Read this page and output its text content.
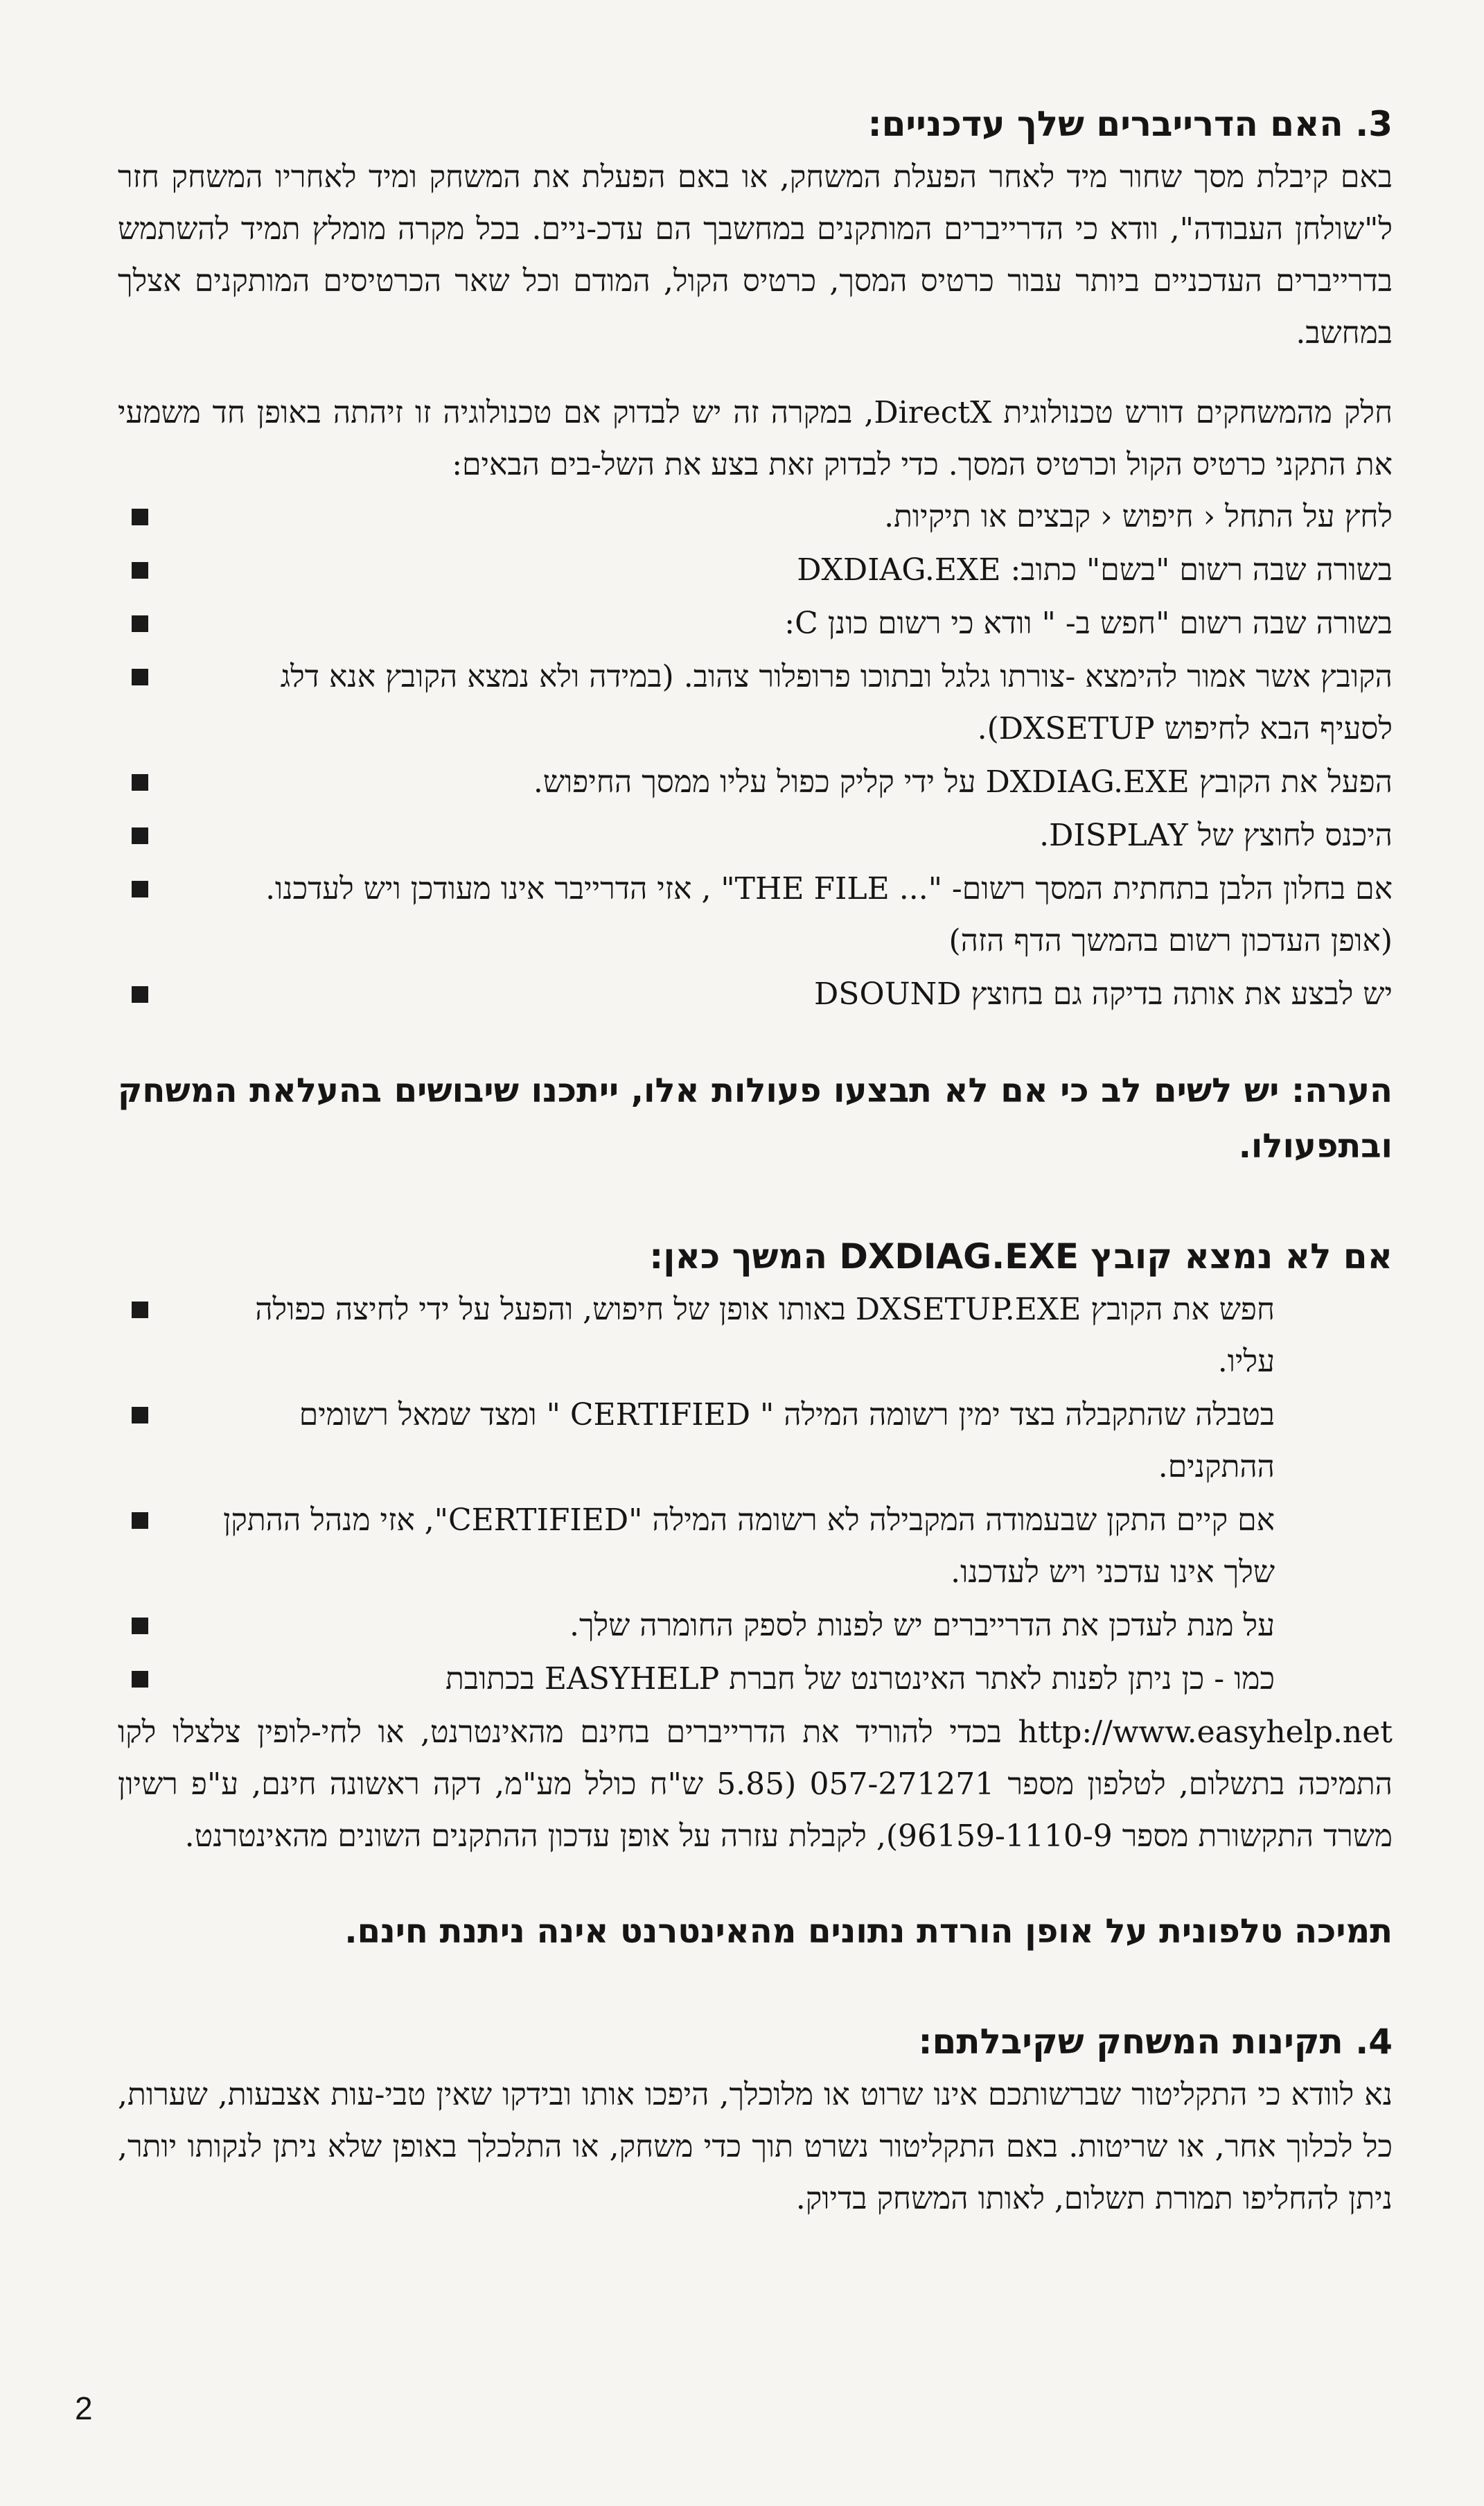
3. האם הדרייברים שלך עדכניים:

באם קיבלת מסך שחור מיד לאחר הפעלת המשחק, או באם הפעלת את המשחק ומיד לאחריו המשחק חזר ל"שולחן העבודה", וודא כי הדרייברים המותקנים במחשבך הם עדכ-ניים. בכל מקרה מומלץ תמיד להשתמש בדרייברים העדכניים ביותר עבור כרטיס המסך, כרטיס הקול, המודם וכל שאר הכרטיסים המותקנים אצלך במחשב.

חלק מהמשחקים דורש טכנולוגית DirectX, במקרה זה יש לבדוק אם טכנולוגיה זו זיהתה באופן חד משמעי את התקני כרטיס הקול וכרטיס המסך. כדי לבדוק זאת בצע את השל-בים הבאים:

לחץ על התחל ‹ חיפוש ‹ קבצים או תיקיות.
בשורה שבה רשום "בשם" כתוב: DXDIAG.EXE
בשורה שבה רשום "חפש ב- " וודא כי רשום כונן C:
הקובץ אשר אמור להימצא -צורתו גלגל ובתוכו פרופלור צהוב. (במידה ולא נמצא הקובץ אנא דלג לסעיף הבא לחיפוש DXSETUP).
הפעל את הקובץ DXDIAG.EXE על ידי קליק כפול עליו ממסך החיפוש.
היכנס לחוצץ של DISPLAY.
אם בחלון הלבן בתחתית המסך רשום- "... THE FILE" , אזי הדרייבר אינו מעודכן ויש לעדכנו. (אופן העדכון רשום בהמשך הדף הזה)
יש לבצע את אותה בדיקה גם בחוצץ DSOUND

הערה: יש לשים לב כי אם לא תבצעו פעולות אלו, ייתכנו שיבושים בהעלאת המשחק ובתפעולו.

אם לא נמצא קובץ DXDIAG.EXE המשך כאן:
חפש את הקובץ DXSETUP.EXE באותו אופן של חיפוש, והפעל על ידי לחיצה כפולה עליו.
בטבלה שהתקבלה בצד ימין רשומה המילה " CERTIFIED " ומצד שמאל רשומים ההתקנים.
אם קיים התקן שבעמודה המקבילה לא רשומה המילה "CERTIFIED", אזי מנהל ההתקן שלך אינו עדכני ויש לעדכנו.
על מנת לעדכן את הדרייברים יש לפנות לספק החומרה שלך.
כמו - כן ניתן לפנות לאתר האינטרנט של חברת EASYHELP בכתובת

http://www.easyhelp.net בכדי להוריד את הדרייברים בחינם מהאינטרנט, או לחי-לופין צלצלו לקו התמיכה בתשלום, לטלפון מספר 057-271271 (5.85 ש"ח כולל מע"מ, דקה ראשונה חינם, ע"פ רשיון משרד התקשורת מספר 96159-1110-9), לקבלת עזרה על אופן עדכון ההתקנים השונים מהאינטרנט.

תמיכה טלפונית על אופן הורדת נתונים מהאינטרנט אינה ניתנת חינם.

4. תקינות המשחק שקיבלתם:

נא לוודא כי התקליטור שברשותכם אינו שרוט או מלוכלך, היפכו אותו ובידקו שאין טבי-עות אצבעות, שערות, כל לכלוך אחר, או שריטות. באם התקליטור נשרט תוך כדי משחק, או התלכלך באופן שלא ניתן לנקותו יותר, ניתן להחליפו תמורת תשלום, לאותו המשחק בדיוק.

2
